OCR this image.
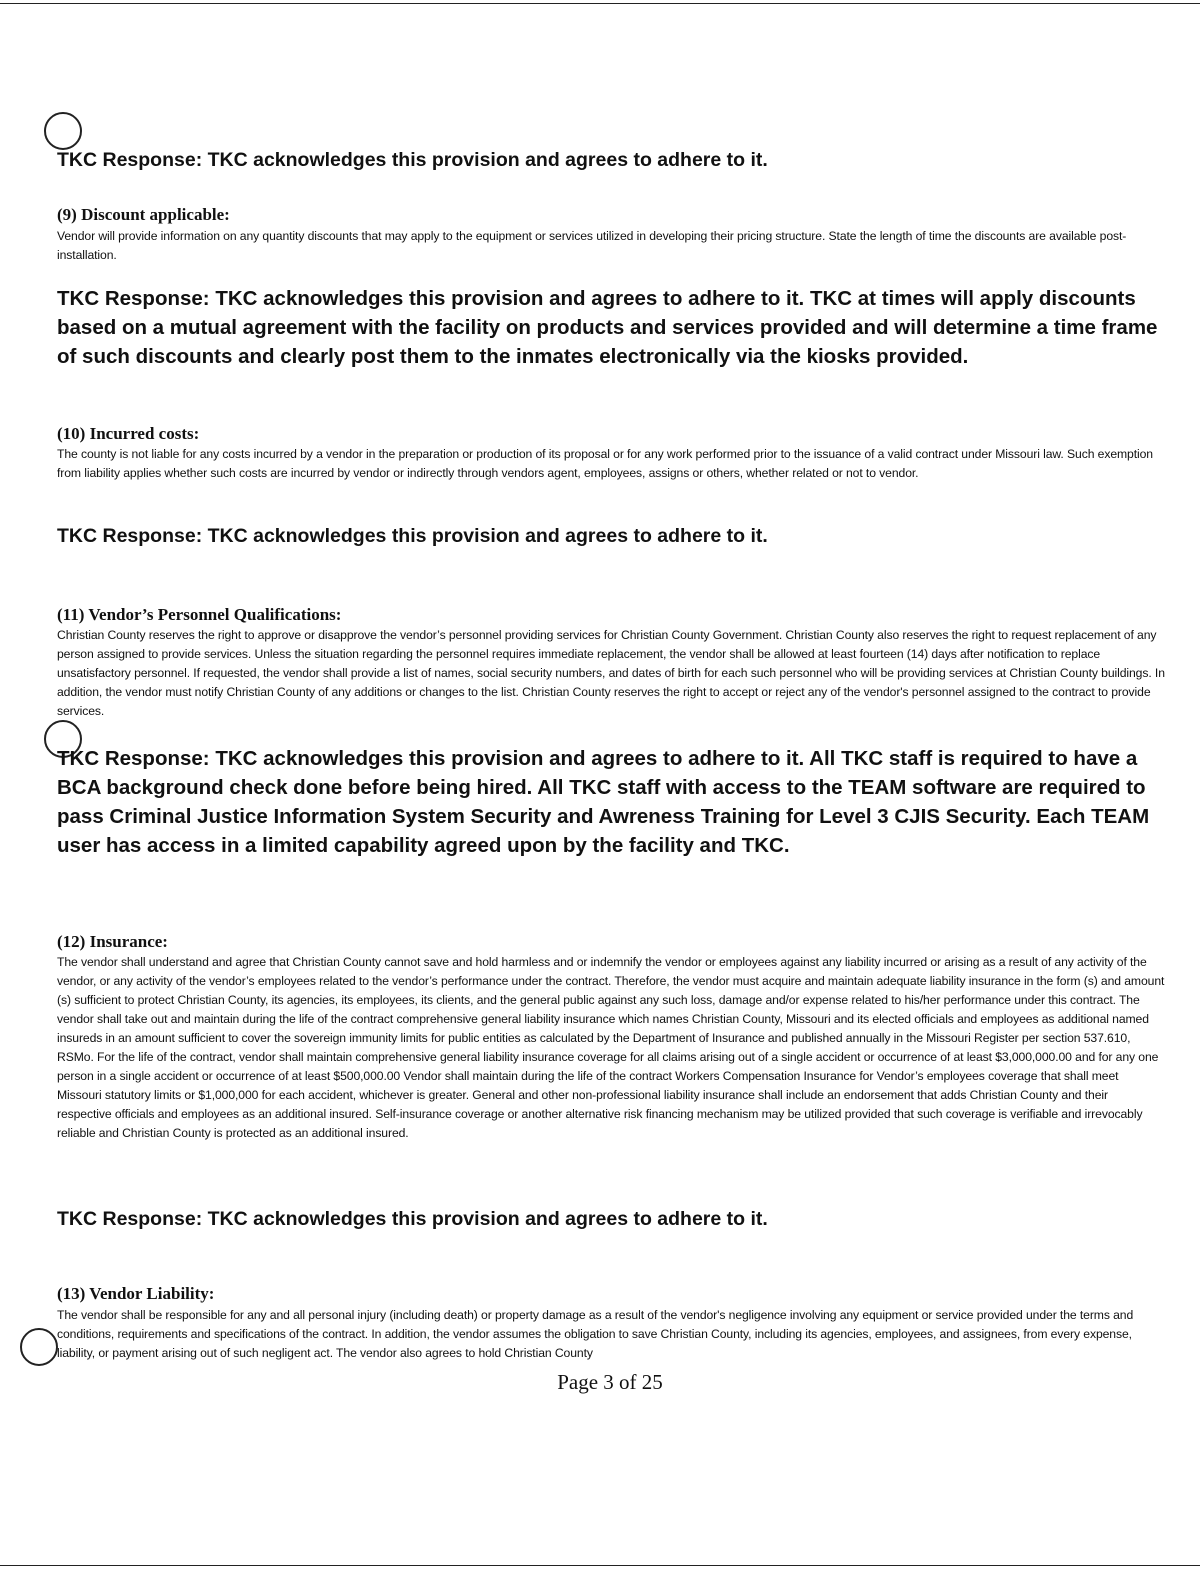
TKC Response: TKC acknowledges this provision and agrees to adhere to it.
(9) Discount applicable:
Vendor will provide information on any quantity discounts that may apply to the equipment or services utilized in developing their pricing structure. State the length of time the discounts are available post-installation.
TKC Response: TKC acknowledges this provision and agrees to adhere to it. TKC at times will apply discounts based on a mutual agreement with the facility on products and services provided and will determine a time frame of such discounts and clearly post them to the inmates electronically via the kiosks provided.
(10) Incurred costs:
The county is not liable for any costs incurred by a vendor in the preparation or production of its proposal or for any work performed prior to the issuance of a valid contract under Missouri law. Such exemption from liability applies whether such costs are incurred by vendor or indirectly through vendors agent, employees, assigns or others, whether related or not to vendor.
TKC Response: TKC acknowledges this provision and agrees to adhere to it.
(11) Vendor’s Personnel Qualifications:
Christian County reserves the right to approve or disapprove the vendor’s personnel providing services for Christian County Government. Christian County also reserves the right to request replacement of any person assigned to provide services. Unless the situation regarding the personnel requires immediate replacement, the vendor shall be allowed at least fourteen (14) days after notification to replace unsatisfactory personnel. If requested, the vendor shall provide a list of names, social security numbers, and dates of birth for each such personnel who will be providing services at Christian County buildings. In addition, the vendor must notify Christian County of any additions or changes to the list. Christian County reserves the right to accept or reject any of the vendor's personnel assigned to the contract to provide services.
TKC Response: TKC acknowledges this provision and agrees to adhere to it. All TKC staff is required to have a BCA background check done before being hired. All TKC staff with access to the TEAM software are required to pass Criminal Justice Information System Security and Awreness Training for Level 3 CJIS Security. Each TEAM user has access in a limited capability agreed upon by the facility and TKC.
(12) Insurance:
The vendor shall understand and agree that Christian County cannot save and hold harmless and or indemnify the vendor or employees against any liability incurred or arising as a result of any activity of the vendor, or any activity of the vendor’s employees related to the vendor’s performance under the contract. Therefore, the vendor must acquire and maintain adequate liability insurance in the form (s) and amount (s) sufficient to protect Christian County, its agencies, its employees, its clients, and the general public against any such loss, damage and/or expense related to his/her performance under this contract. The vendor shall take out and maintain during the life of the contract comprehensive general liability insurance which names Christian County, Missouri and its elected officials and employees as additional named insureds in an amount sufficient to cover the sovereign immunity limits for public entities as calculated by the Department of Insurance and published annually in the Missouri Register per section 537.610, RSMo. For the life of the contract, vendor shall maintain comprehensive general liability insurance coverage for all claims arising out of a single accident or occurrence of at least $3,000,000.00 and for any one person in a single accident or occurrence of at least $500,000.00 Vendor shall maintain during the life of the contract Workers Compensation Insurance for Vendor’s employees coverage that shall meet Missouri statutory limits or $1,000,000 for each accident, whichever is greater. General and other non-professional liability insurance shall include an endorsement that adds Christian County and their respective officials and employees as an additional insured. Self-insurance coverage or another alternative risk financing mechanism may be utilized provided that such coverage is verifiable and irrevocably reliable and Christian County is protected as an additional insured.
TKC Response: TKC acknowledges this provision and agrees to adhere to it.
(13) Vendor Liability:
The vendor shall be responsible for any and all personal injury (including death) or property damage as a result of the vendor's negligence involving any equipment or service provided under the terms and conditions, requirements and specifications of the contract. In addition, the vendor assumes the obligation to save Christian County, including its agencies, employees, and assignees, from every expense, liability, or payment arising out of such negligent act. The vendor also agrees to hold Christian County
Page 3 of 25
